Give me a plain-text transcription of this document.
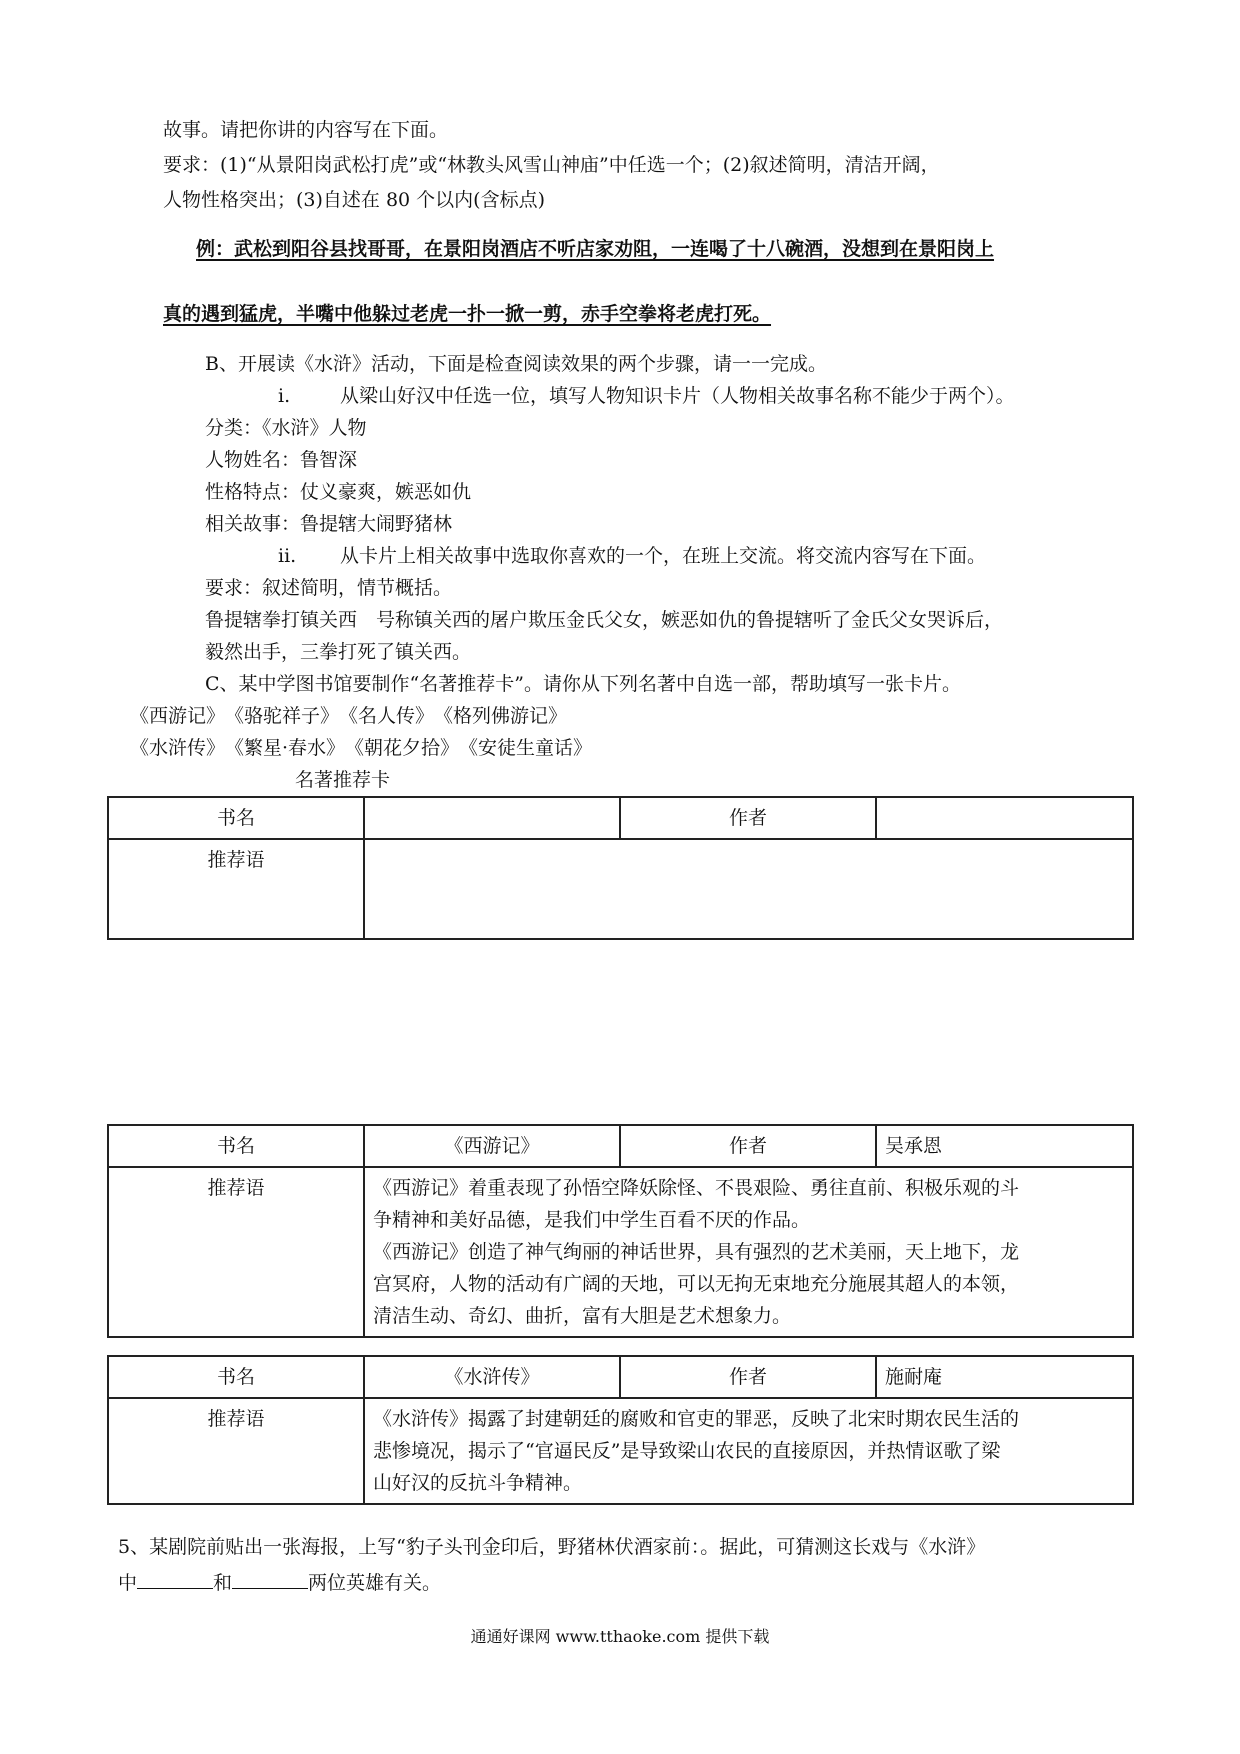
故事。请把你讲的内容写在下面。
要求：(1)“从景阳岗武松打虎”或“林教头风雪山神庙”中任选一个；(2)叙述简明，清洁开阔，
人物性格突出；(3)自述在 80 个以内(含标点)
例：武松到阳谷县找哥哥，在景阳岗酒店不听店家劝阻，一连喝了十八碗酒，没想到在景阳岗上
真的遇到猛虎，半嘴中他躲过老虎一扑一掀一剪，赤手空拳将老虎打死。
B、开展读《水浒》活动，下面是检查阅读效果的两个步骤，请一一完成。
i.	从梁山好汉中任选一位，填写人物知识卡片（人物相关故事名称不能少于两个）。
分类：《水浒》人物
人物姓名：鲁智深
性格特点：仗义豪爽，嫉恶如仇
相关故事：鲁提辖大闹野猪林
ii. 从卡片上相关故事中选取你喜欢的一个，在班上交流。将交流内容写在下面。
要求：叙述简明，情节概括。
鲁提辖拳打镇关西　号称镇关西的屠户欺压金氏父女，嫉恶如仇的鲁提辖听了金氏父女哭诉后，
毅然出手，三拳打死了镇关西。
C、某中学图书馆要制作“名著推荐卡”。请你从下列名著中自选一部，帮助填写一张卡片。
《西游记》　《骆驼祥子》　《名人传》　《格列佛游记》
《水浒传》　《繁星·春水》　《朝花夕拾》　《安徒生童话》
名著推荐卡
书名		作者	
推荐语			
书名	《西游记》	作者	吴承恩
推荐语	《西游记》着重表现了孙悟空降妖除怪、不畏艰险、勇往直前、积极乐观的斗
争精神和美好品德，是我们中学生百看不厌的作品。
《西游记》创造了神气绚丽的神话世界，具有强烈的艺术美丽，天上地下，龙
宫冥府，人物的活动有广阔的天地，可以无拘无束地充分施展其超人的本领，
清洁生动、奇幻、曲折，富有大胆是艺术想象力。		
书名	《水浒传》	作者	施耐庵
推荐语	《水浒传》揭露了封建朝廷的腐败和官吏的罪恶，反映了北宋时期农民生活的
悲惨境况，揭示了“官逼民反”是导致梁山农民的直接原因，并热情讴歌了梁
山好汉的反抗斗争精神。		
5、某剧院前贴出一张海报，上写“豹子头刊金印后，野猪林伏酒家前：。据此，可猜测这长戏与《水浒》
中	和	两位英雄有关。
通通好课网 www.tthaoke.com 提供下载
